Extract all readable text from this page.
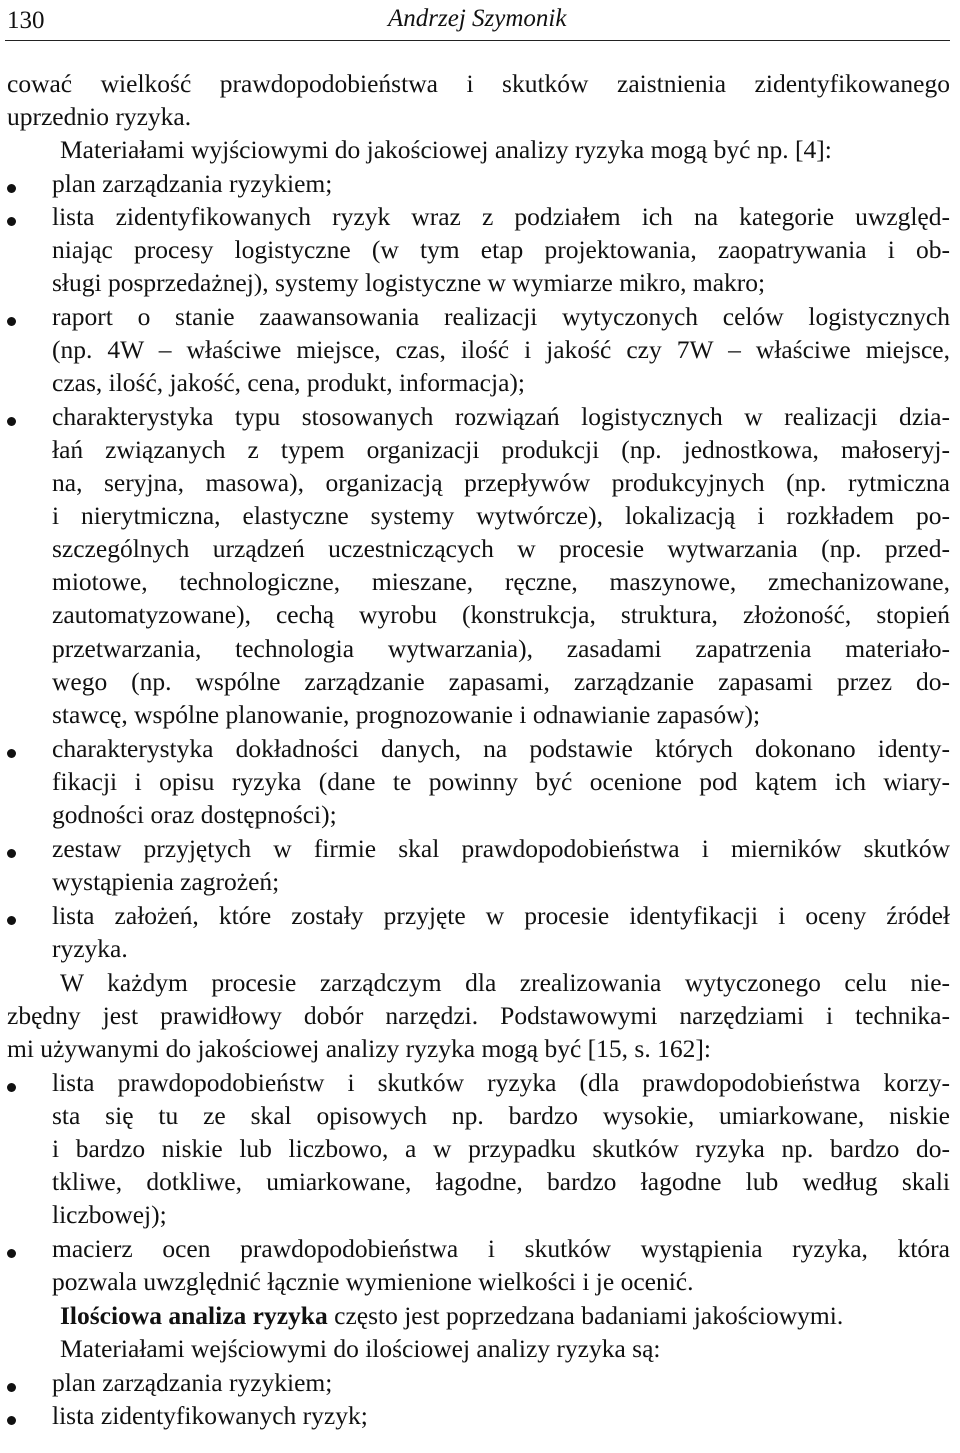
130	Andrzej Szymonik
cować wielkość prawdopodobieństwa i skutków zaistnienia zidentyfikowanego
uprzednio ryzyka.
Materiałami wyjściowymi do jakościowej analizy ryzyka mogą być np. [4]:
plan zarządzania ryzykiem;
lista zidentyfikowanych ryzyk wraz z podziałem ich na kategorie uwzględ-
niając procesy logistyczne (w tym etap projektowania, zaopatrywania i ob-
sługi posprzedażnej), systemy logistyczne w wymiarze mikro, makro;
raport o stanie zaawansowania realizacji wytyczonych celów logistycznych
(np. 4W – właściwe miejsce, czas, ilość i jakość czy 7W – właściwe miejsce,
czas, ilość, jakość, cena, produkt, informacja);
charakterystyka typu stosowanych rozwiązań logistycznych w realizacji dzia-
łań związanych z typem organizacji produkcji (np. jednostkowa, małoseryj-
na, seryjna, masowa), organizacją przepływów produkcyjnych (np. rytmiczna
i nierytmiczna, elastyczne systemy wytwórcze), lokalizacją i rozkładem po-
szczególnych urządzeń uczestniczących w procesie wytwarzania (np. przed-
miotowe, technologiczne, mieszane, ręczne, maszynowe, zmechanizowane,
zautomatyzowane), cechą wyrobu (konstrukcja, struktura, złożoność, stopień
przetwarzania, technologia wytwarzania), zasadami zapatrzenia materiało-
wego (np. wspólne zarządzanie zapasami, zarządzanie zapasami przez do-
stawcę, wspólne planowanie, prognozowanie i odnawianie zapasów);
charakterystyka dokładności danych, na podstawie których dokonano identy-
fikacji i opisu ryzyka (dane te powinny być ocenione pod kątem ich wiary-
godności oraz dostępności);
zestaw przyjętych w firmie skal prawdopodobieństwa i mierników skutków
wystąpienia zagrożeń;
lista założeń, które zostały przyjęte w procesie identyfikacji i oceny źródeł
ryzyka.
W każdym procesie zarządczym dla zrealizowania wytyczonego celu nie-
zbędny jest prawidłowy dobór narzędzi. Podstawowymi narzędziami i technika-
mi używanymi do jakościowej analizy ryzyka mogą być [15, s. 162]:
lista prawdopodobieństw i skutków ryzyka (dla prawdopodobieństwa korzy-
sta się tu ze skal opisowych np. bardzo wysokie, umiarkowane, niskie
i bardzo niskie lub liczbowo, a w przypadku skutków ryzyka np. bardzo do-
tkliwe, dotkliwe, umiarkowane, łagodne, bardzo łagodne lub według skali
liczbowej);
macierz ocen prawdopodobieństwa i skutków wystąpienia ryzyka, która
pozwala uwzględnić łącznie wymienione wielkości i je ocenić.
Ilościowa analiza ryzyka często jest poprzedzana badaniami jakościowymi.
Materiałami wejściowymi do ilościowej analizy ryzyka są:
plan zarządzania ryzykiem;
lista zidentyfikowanych ryzyk;
